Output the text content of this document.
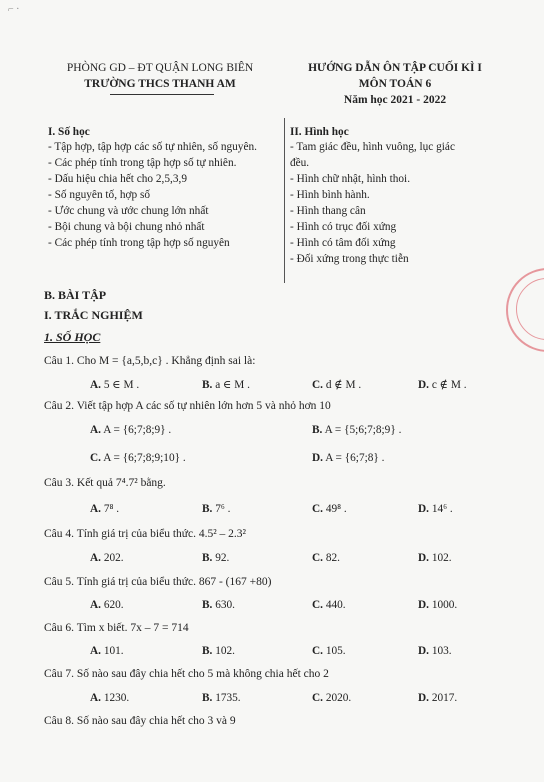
⌐ ·
PHÒNG GD – ĐT QUẬN LONG BIÊN
TRƯỜNG THCS THANH AM
HƯỚNG DẪN ÔN TẬP CUỐI KÌ I
MÔN TOÁN 6
Năm học 2021 - 2022
I. Số học
- Tập hợp, tập hợp các số tự nhiên, số nguyên.
- Các phép tính trong tập hợp số tự nhiên.
- Dấu hiệu chia hết cho 2,5,3,9
- Số nguyên tố, hợp số
- Ước chung và ước chung lớn nhất
- Bội chung và bội chung nhỏ nhất
- Các phép tính trong tập hợp số nguyên
II. Hình học
- Tam giác đều, hình vuông, lục giác
đều.
- Hình chữ nhật, hình thoi.
- Hình bình hành.
- Hình thang cân
- Hình có trục đối xứng
- Hình có tâm đối xứng
- Đối xứng trong thực tiễn
B. BÀI TẬP
I. TRẮC NGHIỆM
1. SỐ HỌC
Câu 1. Cho M = {a,5,b,c} . Khẳng định sai là:
A. 5 ∈ M .	B. a ∈ M .	C. d ∉ M .	D. c ∉ M .
Câu 2. Viết tập hợp A các số tự nhiên lớn hơn 5 và nhỏ hơn 10
A. A = {6;7;8;9} .	B. A = {5;6;7;8;9} .
C. A = {6;7;8;9;10} .	D. A = {6;7;8} .
Câu 3. Kết quả 7⁴.7² bằng.
A. 7⁸ .	B. 7⁶ .	C. 49⁸ .	D. 14⁶ .
Câu 4. Tính giá trị của biểu thức. 4.5² – 2.3²
A. 202.	B. 92.	C. 82.	D. 102.
Câu 5. Tính giá trị của biểu thức. 867 - (167 +80)
A. 620.	B. 630.	C. 440.	D. 1000.
Câu 6. Tìm x biết. 7x – 7 = 714
A. 101.	B. 102.	C. 105.	D. 103.
Câu 7. Số nào sau đây chia hết cho 5 mà không chia hết cho 2
A. 1230.	B. 1735.	C. 2020.	D. 2017.
Câu 8. Số nào sau đây chia hết cho 3 và 9
